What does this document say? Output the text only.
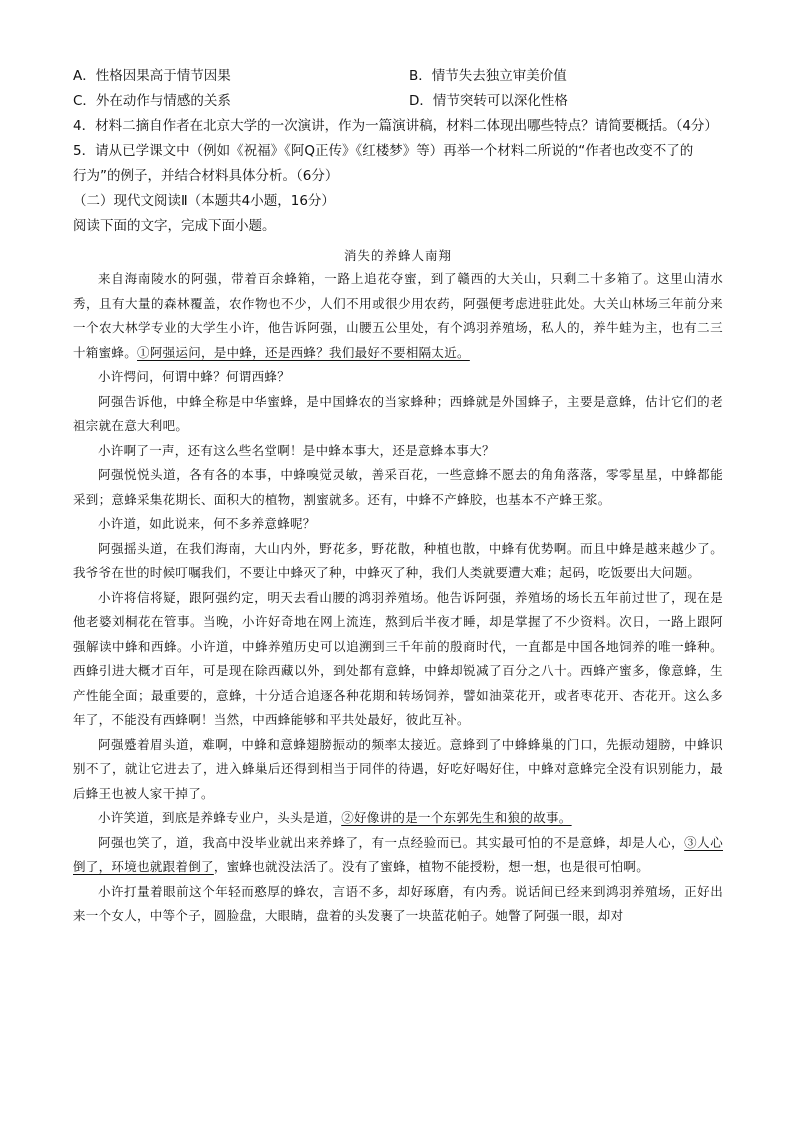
A．性格因果高于情节因果	B．情节失去独立审美价值
C．外在动作与情感的关系	D．情节突转可以深化性格
4．材料二摘自作者在北京大学的一次演讲，作为一篇演讲稿，材料二体现出哪些特点？请简要概括。（4分）
5．请从已学课文中（例如《祝福》《阿Q正传》《红楼梦》等）再举一个材料二所说的“作者也改变不了的
行为”的例子，并结合材料具体分析。（6分）
（二）现代文阅读Ⅱ（本题共4小题，16分）
阅读下面的文字，完成下面小题。
消失的养蜂人南翔

来自海南陵水的阿强，带着百余蜂箱，一路上追花夺蜜，到了赣西的大关山，只剩二十多箱了。这里山清水秀，且有大量的森林覆盖，农作物也不少，人们不用或很少用农药，阿强便考虑进驻此处。大关山林场三年前分来一个农大林学专业的大学生小许，他告诉阿强，山腰五公里处，有个鸿羽养殖场，私人的，养牛蛙为主，也有二三十箱蜜蜂。①阿强运问，是中蜂，还是西蜂？我们最好不要相隔太近。

小许愕问，何谓中蜂？何谓西蜂？

阿强告诉他，中蜂全称是中华蜜蜂，是中国蜂农的当家蜂种；西蜂就是外国蜂子，主要是意蜂，估计它们的老祖宗就在意大利吧。

小许啊了一声，还有这么些名堂啊！是中蜂本事大，还是意蜂本事大？

阿强悦悦头道，各有各的本事，中蜂嗅觉灵敏，善采百花，一些意蜂不愿去的角角落落，零零星星，中蜂都能采到；意蜂采集花期长、面积大的植物，割蜜就多。还有，中蜂不产蜂胶，也基本不产蜂王浆。

小许道，如此说来，何不多养意蜂呢？

阿强摇头道，在我们海南，大山内外，野花多，野花散，种植也散，中蜂有优势啊。而且中蜂是越来越少了。我爷爷在世的时候叮嘱我们，不要让中蜂灭了种，中蜂灭了种，我们人类就要遭大难；起码，吃饭要出大问题。

小许将信将疑，跟阿强约定，明天去看山腰的鸿羽养殖场。他告诉阿强，养殖场的场长五年前过世了，现在是他老婆刘桐花在管事。当晚，小许好奇地在网上流连，熬到后半夜才睡，却是掌握了不少资料。次日，一路上跟阿强解读中蜂和西蜂。小许道，中蜂养殖历史可以追溯到三千年前的殷商时代，一直都是中国各地饲养的唯一蜂种。西蜂引进大概才百年，可是现在除西藏以外，到处都有意蜂，中蜂却锐减了百分之八十。西蜂产蜜多，像意蜂，生产性能全面；最重要的，意蜂，十分适合追逐各种花期和转场饲养，譬如油菜花开，或者枣花开、杏花开。这么多年了，不能没有西蜂啊！当然，中西蜂能够和平共处最好，彼此互补。

阿强蹙着眉头道，难啊，中蜂和意蜂翅膀振动的频率太接近。意蜂到了中蜂蜂巢的门口，先振动翅膀，中蜂识别不了，就让它进去了，进入蜂巢后还得到相当于同伴的待遇，好吃好喝好住，中蜂对意蜂完全没有识别能力，最后蜂王也被人家干掉了。

小许笑道，到底是养蜂专业户，头头是道，②好像讲的是一个东郭先生和狼的故事。

阿强也笑了，道，我高中没毕业就出来养蜂了，有一点经验而已。其实最可怕的不是意蜂，却是人心，③人心倒了，环境也就跟着倒了，蜜蜂也就没法活了。没有了蜜蜂，植物不能授粉，想一想，也是很可怕啊。

小许打量着眼前这个年轻而憨厚的蜂农，言语不多，却好琢磨，有内秀。说话间已经来到鸿羽养殖场，正好出来一个女人，中等个子，圆脸盘，大眼睛，盘着的头发裹了一块蓝花帕子。她瞥了阿强一眼，却对
